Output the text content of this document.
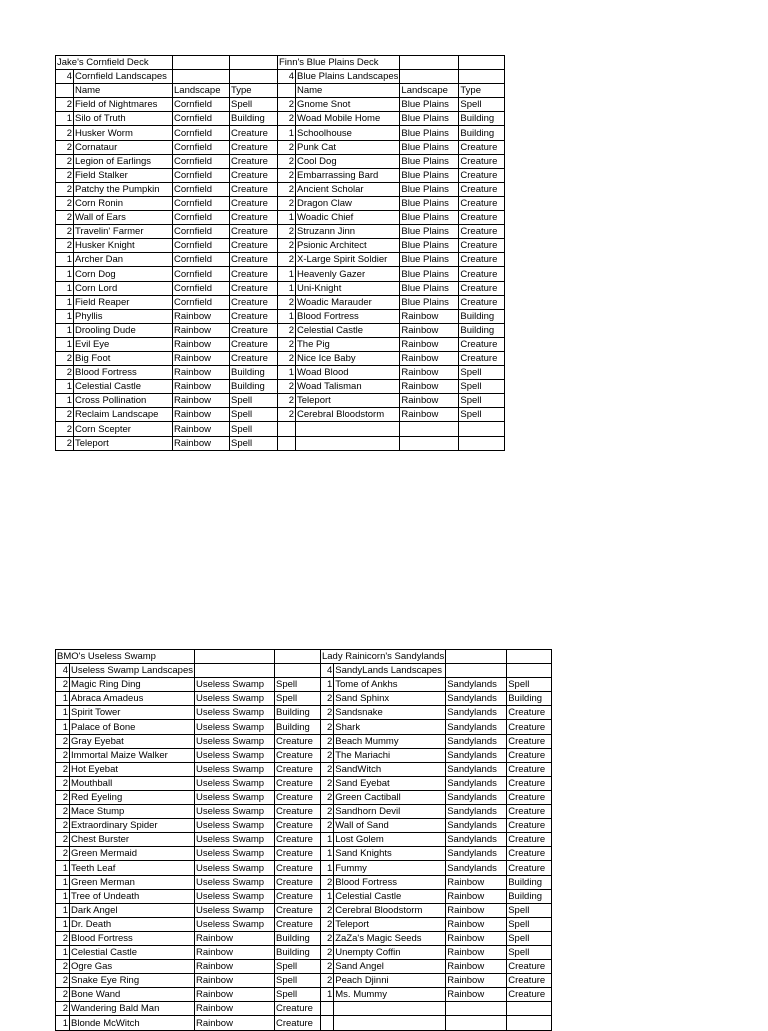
Jake's Cornfield Deck				Finn's Blue Plains Deck			
4	Cornfield Landscapes			4	Blue Plains Landscapes		
	Name	Landscape	Type		Name	Landscape	Type
2	Field of Nightmares	Cornfield	Spell	2	Gnome Snot	Blue Plains	Spell
1	Silo of Truth	Cornfield	Building	2	Woad Mobile Home	Blue Plains	Building
2	Husker Worm	Cornfield	Creature	1	Schoolhouse	Blue Plains	Building
2	Cornataur	Cornfield	Creature	2	Punk Cat	Blue Plains	Creature
2	Legion of Earlings	Cornfield	Creature	2	Cool Dog	Blue Plains	Creature
2	Field Stalker	Cornfield	Creature	2	Embarrassing Bard	Blue Plains	Creature
2	Patchy the Pumpkin	Cornfield	Creature	2	Ancient Scholar	Blue Plains	Creature
2	Corn Ronin	Cornfield	Creature	2	Dragon Claw	Blue Plains	Creature
2	Wall of Ears	Cornfield	Creature	1	Woadic Chief	Blue Plains	Creature
2	Travelin' Farmer	Cornfield	Creature	2	Struzann Jinn	Blue Plains	Creature
2	Husker Knight	Cornfield	Creature	2	Psionic Architect	Blue Plains	Creature
1	Archer Dan	Cornfield	Creature	2	X-Large Spirit Soldier	Blue Plains	Creature
1	Corn Dog	Cornfield	Creature	1	Heavenly Gazer	Blue Plains	Creature
1	Corn Lord	Cornfield	Creature	1	Uni-Knight	Blue Plains	Creature
1	Field Reaper	Cornfield	Creature	2	Woadic Marauder	Blue Plains	Creature
1	Phyllis	Rainbow	Creature	1	Blood Fortress	Rainbow	Building
1	Drooling Dude	Rainbow	Creature	2	Celestial Castle	Rainbow	Building
1	Evil Eye	Rainbow	Creature	2	The Pig	Rainbow	Creature
2	Big Foot	Rainbow	Creature	2	Nice Ice Baby	Rainbow	Creature
2	Blood Fortress	Rainbow	Building	1	Woad Blood	Rainbow	Spell
1	Celestial Castle	Rainbow	Building	2	Woad Talisman	Rainbow	Spell
1	Cross Pollination	Rainbow	Spell	2	Teleport	Rainbow	Spell
2	Reclaim Landscape	Rainbow	Spell	2	Cerebral Bloodstorm	Rainbow	Spell
2	Corn Scepter	Rainbow	Spell				
2	Teleport	Rainbow	Spell				
BMO's Useless Swamp				Lady Rainicorn's Sandylands			
4	Useless Swamp Landscapes			4	SandyLands Landscapes		
2	Magic Ring Ding	Useless Swamp	Spell	1	Tome of Ankhs	Sandylands	Spell
1	Abraca Amadeus	Useless Swamp	Spell	2	Sand Sphinx	Sandylands	Building
1	Spirit Tower	Useless Swamp	Building	2	Sandsnake	Sandylands	Creature
1	Palace of Bone	Useless Swamp	Building	2	Shark	Sandylands	Creature
2	Gray Eyebat	Useless Swamp	Creature	2	Beach Mummy	Sandylands	Creature
2	Immortal Maize Walker	Useless Swamp	Creature	2	The Mariachi	Sandylands	Creature
2	Hot Eyebat	Useless Swamp	Creature	2	SandWitch	Sandylands	Creature
2	Mouthball	Useless Swamp	Creature	2	Sand Eyebat	Sandylands	Creature
2	Red Eyeling	Useless Swamp	Creature	2	Green Cactiball	Sandylands	Creature
2	Mace Stump	Useless Swamp	Creature	2	Sandhorn Devil	Sandylands	Creature
2	Extraordinary Spider	Useless Swamp	Creature	2	Wall of Sand	Sandylands	Creature
2	Chest Burster	Useless Swamp	Creature	1	Lost Golem	Sandylands	Creature
2	Green Mermaid	Useless Swamp	Creature	1	Sand Knights	Sandylands	Creature
1	Teeth Leaf	Useless Swamp	Creature	1	Fummy	Sandylands	Creature
1	Green Merman	Useless Swamp	Creature	2	Blood Fortress	Rainbow	Building
1	Tree of Undeath	Useless Swamp	Creature	1	Celestial Castle	Rainbow	Building
1	Dark Angel	Useless Swamp	Creature	2	Cerebral Bloodstorm	Rainbow	Spell
1	Dr. Death	Useless Swamp	Creature	2	Teleport	Rainbow	Spell
2	Blood Fortress	Rainbow	Building	2	ZaZa's Magic Seeds	Rainbow	Spell
1	Celestial Castle	Rainbow	Building	2	Unempty Coffin	Rainbow	Spell
2	Ogre Gas	Rainbow	Spell	2	Sand Angel	Rainbow	Creature
2	Snake Eye Ring	Rainbow	Spell	2	Peach Djinni	Rainbow	Creature
2	Bone Wand	Rainbow	Spell	1	Ms. Mummy	Rainbow	Creature
2	Wandering Bald Man	Rainbow	Creature				
1	Blonde McWitch	Rainbow	Creature				
